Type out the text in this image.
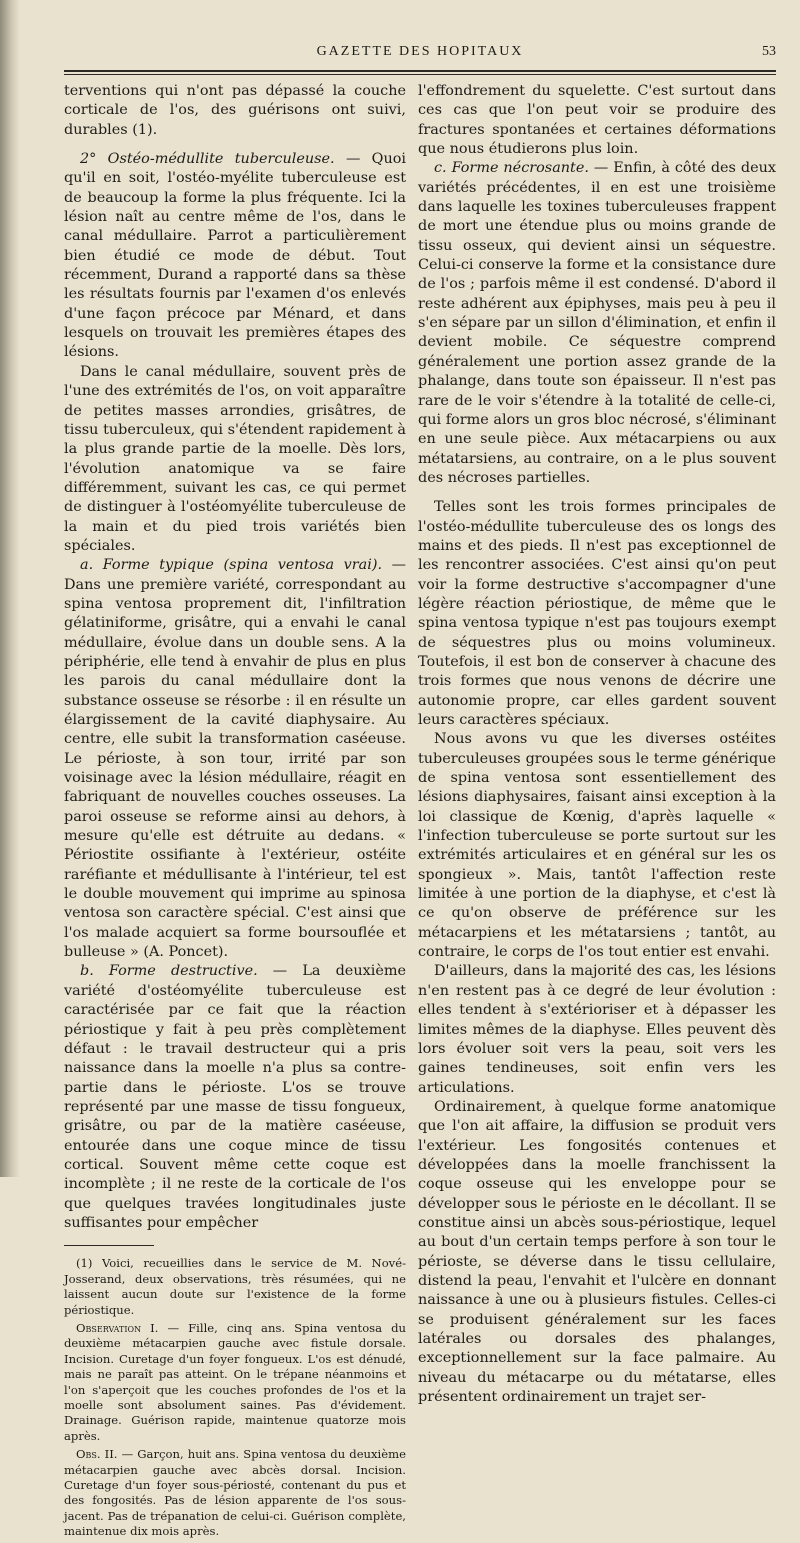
GAZETTE DES HOPITAUX	53

terventions qui n'ont pas dépassé la couche corticale de l'os, des guérisons ont suivi, durables (1).

2° Ostéo-médullite tuberculeuse. — Quoi qu'il en soit, l'ostéo-myélite tuberculeuse est de beaucoup la forme la plus fréquente. Ici la lésion naît au centre même de l'os, dans le canal médullaire. Parrot a particulièrement bien étudié ce mode de début. Tout récemment, Durand a rapporté dans sa thèse les résultats fournis par l'examen d'os enlevés d'une façon précoce par Ménard, et dans lesquels on trouvait les premières étapes des lésions.

Dans le canal médullaire, souvent près de l'une des extrémités de l'os, on voit apparaître de petites masses arrondies, grisâtres, de tissu tuberculeux, qui s'étendent rapidement à la plus grande partie de la moelle. Dès lors, l'évolution anatomique va se faire différemment, suivant les cas, ce qui permet de distinguer à l'ostéomyélite tuberculeuse de la main et du pied trois variétés bien spéciales.

a. Forme typique (spina ventosa vrai). — Dans une première variété, correspondant au spina ventosa proprement dit, l'infiltration gélatiniforme, grisâtre, qui a envahi le canal médullaire, évolue dans un double sens. A la périphérie, elle tend à envahir de plus en plus les parois du canal médullaire dont la substance osseuse se résorbe : il en résulte un élargissement de la cavité diaphysaire. Au centre, elle subit la transformation caséeuse. Le périoste, à son tour, irrité par son voisinage avec la lésion médullaire, réagit en fabriquant de nouvelles couches osseuses. La paroi osseuse se reforme ainsi au dehors, à mesure qu'elle est détruite au dedans. « Périostite ossifiante à l'extérieur, ostéite raréfiante et médullisante à l'intérieur, tel est le double mouvement qui imprime au spinosa ventosa son caractère spécial. C'est ainsi que l'os malade acquiert sa forme boursouflée et bulleuse » (A. Poncet).

b. Forme destructive. — La deuxième variété d'ostéomyélite tuberculeuse est caractérisée par ce fait que la réaction périostique y fait à peu près complètement défaut : le travail destructeur qui a pris naissance dans la moelle n'a plus sa contre-partie dans le périoste. L'os se trouve représenté par une masse de tissu fongueux, grisâtre, ou par de la matière caséeuse, entourée dans une coque mince de tissu cortical. Souvent même cette coque est incomplète ; il ne reste de la corticale de l'os que quelques travées longitudinales juste suffisantes pour empêcher

(1) Voici, recueillies dans le service de M. Nové-Josserand, deux observations, très résumées, qui ne laissent aucun doute sur l'existence de la forme périostique.

Observation I. — Fille, cinq ans. Spina ventosa du deuxième métacarpien gauche avec fistule dorsale. Incision. Curetage d'un foyer fongueux. L'os est dénudé, mais ne paraît pas atteint. On le trépane néanmoins et l'on s'aperçoit que les couches profondes de l'os et la moelle sont absolument saines. Pas d'évidement. Drainage. Guérison rapide, maintenue quatorze mois après.

Obs. II. — Garçon, huit ans. Spina ventosa du deuxième métacarpien gauche avec abcès dorsal. Incision. Curetage d'un foyer sous-périosté, contenant du pus et des fongosités. Pas de lésion apparente de l'os sous-jacent. Pas de trépanation de celui-ci. Guérison complète, maintenue dix mois après.

l'effondrement du squelette. C'est surtout dans ces cas que l'on peut voir se produire des fractures spontanées et certaines déformations que nous étudierons plus loin.

c. Forme nécrosante. — Enfin, à côté des deux variétés précédentes, il en est une troisième dans laquelle les toxines tuberculeuses frappent de mort une étendue plus ou moins grande de tissu osseux, qui devient ainsi un séquestre. Celui-ci conserve la forme et la consistance dure de l'os ; parfois même il est condensé. D'abord il reste adhérent aux épiphyses, mais peu à peu il s'en sépare par un sillon d'élimination, et enfin il devient mobile. Ce séquestre comprend généralement une portion assez grande de la phalange, dans toute son épaisseur. Il n'est pas rare de le voir s'étendre à la totalité de celle-ci, qui forme alors un gros bloc nécrosé, s'éliminant en une seule pièce. Aux métacarpiens ou aux métatarsiens, au contraire, on a le plus souvent des nécroses partielles.

Telles sont les trois formes principales de l'ostéo-médullite tuberculeuse des os longs des mains et des pieds. Il n'est pas exceptionnel de les rencontrer associées. C'est ainsi qu'on peut voir la forme destructive s'accompagner d'une légère réaction périostique, de même que le spina ventosa typique n'est pas toujours exempt de séquestres plus ou moins volumineux. Toutefois, il est bon de conserver à chacune des trois formes que nous venons de décrire une autonomie propre, car elles gardent souvent leurs caractères spéciaux.

Nous avons vu que les diverses ostéites tuberculeuses groupées sous le terme générique de spina ventosa sont essentiellement des lésions diaphysaires, faisant ainsi exception à la loi classique de Kœnig, d'après laquelle « l'infection tuberculeuse se porte surtout sur les extrémités articulaires et en général sur les os spongieux ». Mais, tantôt l'affection reste limitée à une portion de la diaphyse, et c'est là ce qu'on observe de préférence sur les métacarpiens et les métatarsiens ; tantôt, au contraire, le corps de l'os tout entier est envahi.

D'ailleurs, dans la majorité des cas, les lésions n'en restent pas à ce degré de leur évolution : elles tendent à s'extérioriser et à dépasser les limites mêmes de la diaphyse. Elles peuvent dès lors évoluer soit vers la peau, soit vers les gaines tendineuses, soit enfin vers les articulations.

Ordinairement, à quelque forme anatomique que l'on ait affaire, la diffusion se produit vers l'extérieur. Les fongosités contenues et développées dans la moelle franchissent la coque osseuse qui les enveloppe pour se développer sous le périoste en le décollant. Il se constitue ainsi un abcès sous-périostique, lequel au bout d'un certain temps perfore à son tour le périoste, se déverse dans le tissu cellulaire, distend la peau, l'envahit et l'ulcère en donnant naissance à une ou à plusieurs fistules. Celles-ci se produisent généralement sur les faces latérales ou dorsales des phalanges, exceptionnellement sur la face palmaire. Au niveau du métacarpe ou du métatarse, elles présentent ordinairement un trajet ser-
